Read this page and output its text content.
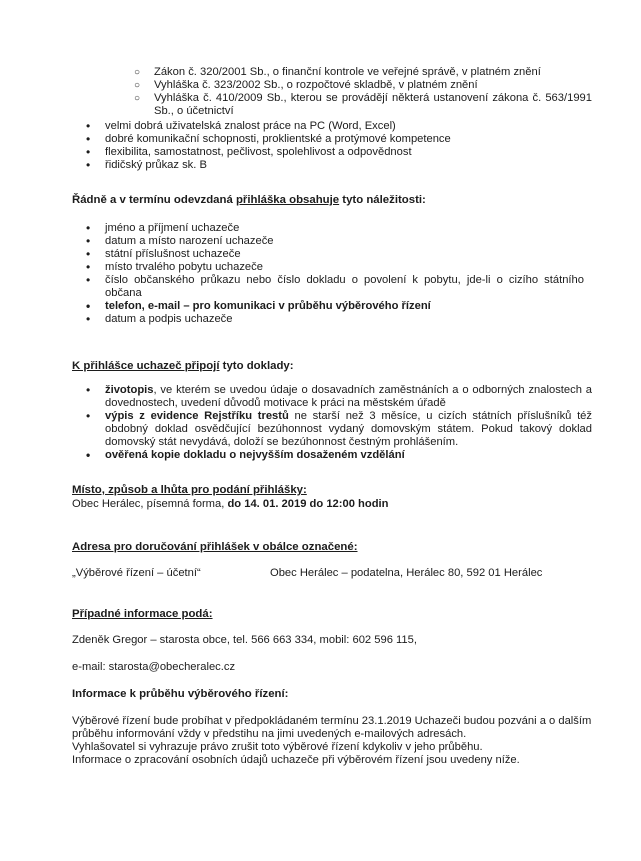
○ Zákon č. 320/2001 Sb., o finanční kontrole ve veřejné správě, v platném znění
○ Vyhláška č. 323/2002 Sb., o rozpočtové skladbě, v platném znění
○ Vyhláška č. 410/2009 Sb., kterou se provádějí některá ustanovení zákona č. 563/1991 Sb., o účetnictví
• velmi dobrá uživatelská znalost práce na PC (Word, Excel)
• dobré komunikační schopnosti, proklientské a protýmové kompetence
• flexibilita, samostatnost, pečlivost, spolehlivost a odpovědnost
• řidičský průkaz sk. B
Řádně a v termínu odevzdaná přihláška obsahuje tyto náležitosti:
• jméno a příjmení uchazeče
• datum a místo narození uchazeče
• státní příslušnost uchazeče
• místo trvalého pobytu uchazeče
• číslo občanského průkazu nebo číslo dokladu o povolení k pobytu, jde-li o cizího státního občana
• telefon, e-mail – pro komunikaci v průběhu výběrového řízení
• datum a podpis uchazeče
K přihlášce uchazeč připojí tyto doklady:
• životopis, ve kterém se uvedou údaje o dosavadních zaměstnáních a o odborných znalostech a dovednostech, uvedení důvodů motivace k práci na městském úřadě
• výpis z evidence Rejstříku trestů ne starší než 3 měsíce, u cizích státních příslušníků též obdobný doklad osvědčující bezúhonnost vydaný domovským státem. Pokud takový doklad domovský stát nevydává, doloží se bezúhonnost čestným prohlášením.
• ověřená kopie dokladu o nejvyšším dosaženém vzdělání
Místo, způsob a lhůta pro podání přihlášky:
Obec Herálec, písemná forma, do 14. 01. 2019 do 12:00 hodin
Adresa pro doručování přihlášek v obálce označené:
„Výběrové řízení – účetní“	Obec Herálec – podatelna, Herálec 80, 592 01 Herálec
Případné informace podá:
Zdeněk Gregor – starosta obce, tel. 566 663 334, mobil: 602 596 115,
e-mail: starosta@obecheralec.cz
Informace k průběhu výběrového řízení:
Výběrové řízení bude probíhat v předpokládaném termínu 23.1.2019 Uchazeči budou pozváni a o dalším průběhu informování vždy v předstihu na jimi uvedených e-mailových adresách.
Vyhlašovatel si vyhrazuje právo zrušit toto výběrové řízení kdykoliv v jeho průběhu.
Informace o zpracování osobních údajů uchazeče při výběrovém řízení jsou uvedeny níže.
